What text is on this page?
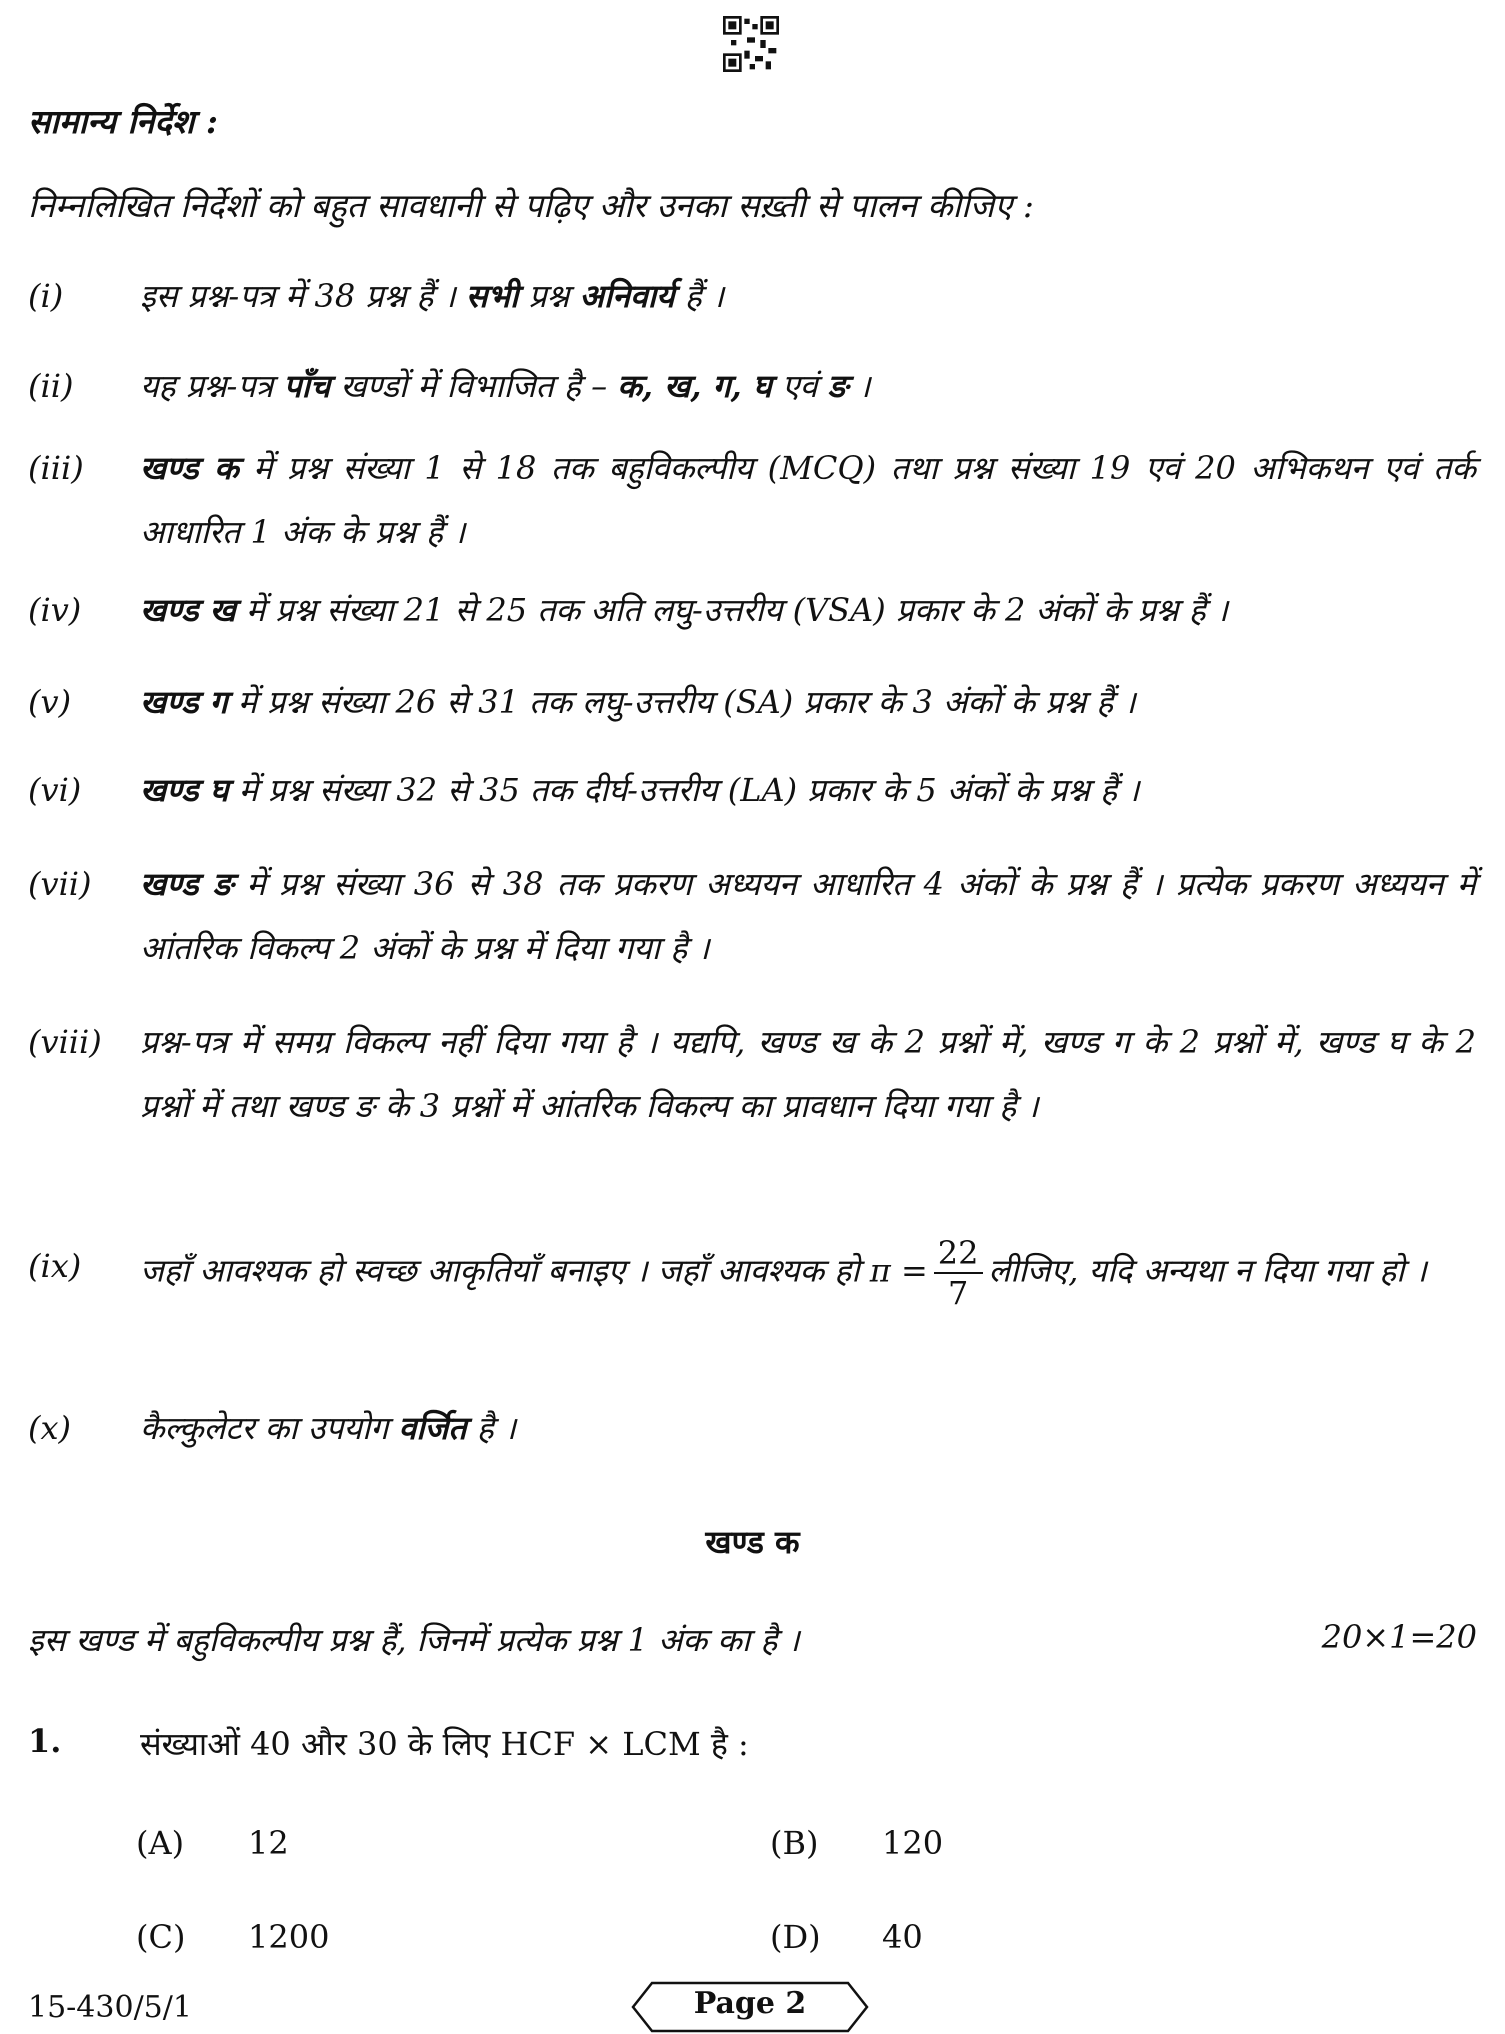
सामान्य निर्देश :
निम्नलिखित निर्देशों को बहुत सावधानी से पढ़िए और उनका सख़्ती से पालन कीजिए :
(i)	इस प्रश्न-पत्र में 38 प्रश्न हैं । सभी प्रश्न अनिवार्य हैं ।
(ii)	यह प्रश्न-पत्र पाँच खण्डों में विभाजित है – क, ख, ग, घ एवं ङ ।
(iii)	खण्ड क में प्रश्न संख्या 1 से 18 तक बहुविकल्पीय (MCQ) तथा प्रश्न संख्या 19 एवं 20 अभिकथन एवं तर्क आधारित 1 अंक के प्रश्न हैं ।
(iv)	खण्ड ख में प्रश्न संख्या 21 से 25 तक अति लघु-उत्तरीय (VSA) प्रकार के 2 अंकों के प्रश्न हैं ।
(v)	खण्ड ग में प्रश्न संख्या 26 से 31 तक लघु-उत्तरीय (SA) प्रकार के 3 अंकों के प्रश्न हैं ।
(vi)	खण्ड घ में प्रश्न संख्या 32 से 35 तक दीर्घ-उत्तरीय (LA) प्रकार के 5 अंकों के प्रश्न हैं ।
(vii)	खण्ड ङ में प्रश्न संख्या 36 से 38 तक प्रकरण अध्ययन आधारित 4 अंकों के प्रश्न हैं । प्रत्येक प्रकरण अध्ययन में आंतरिक विकल्प 2 अंकों के प्रश्न में दिया गया है ।
(viii)	प्रश्न-पत्र में समग्र विकल्प नहीं दिया गया है । यद्यपि, खण्ड ख के 2 प्रश्नों में, खण्ड ग के 2 प्रश्नों में, खण्ड घ के 2 प्रश्नों में तथा खण्ड ङ के 3 प्रश्नों में आंतरिक विकल्प का प्रावधान दिया गया है ।
(ix)	जहाँ आवश्यक हो स्वच्छ आकृतियाँ बनाइए । जहाँ आवश्यक हो $\pi = \frac{22}{7}$ लीजिए, यदि अन्यथा न दिया गया हो ।
(x)	कैल्कुलेटर का उपयोग वर्जित है ।
खण्ड क
इस खण्ड में बहुविकल्पीय प्रश्न हैं, जिनमें प्रत्येक प्रश्न 1 अंक का है ।	20×1=20
1. संख्याओं 40 और 30 के लिए HCF × LCM है :
(A) 12	(B) 120
(C) 1200	(D) 40
15-430/5/1	Page 2
